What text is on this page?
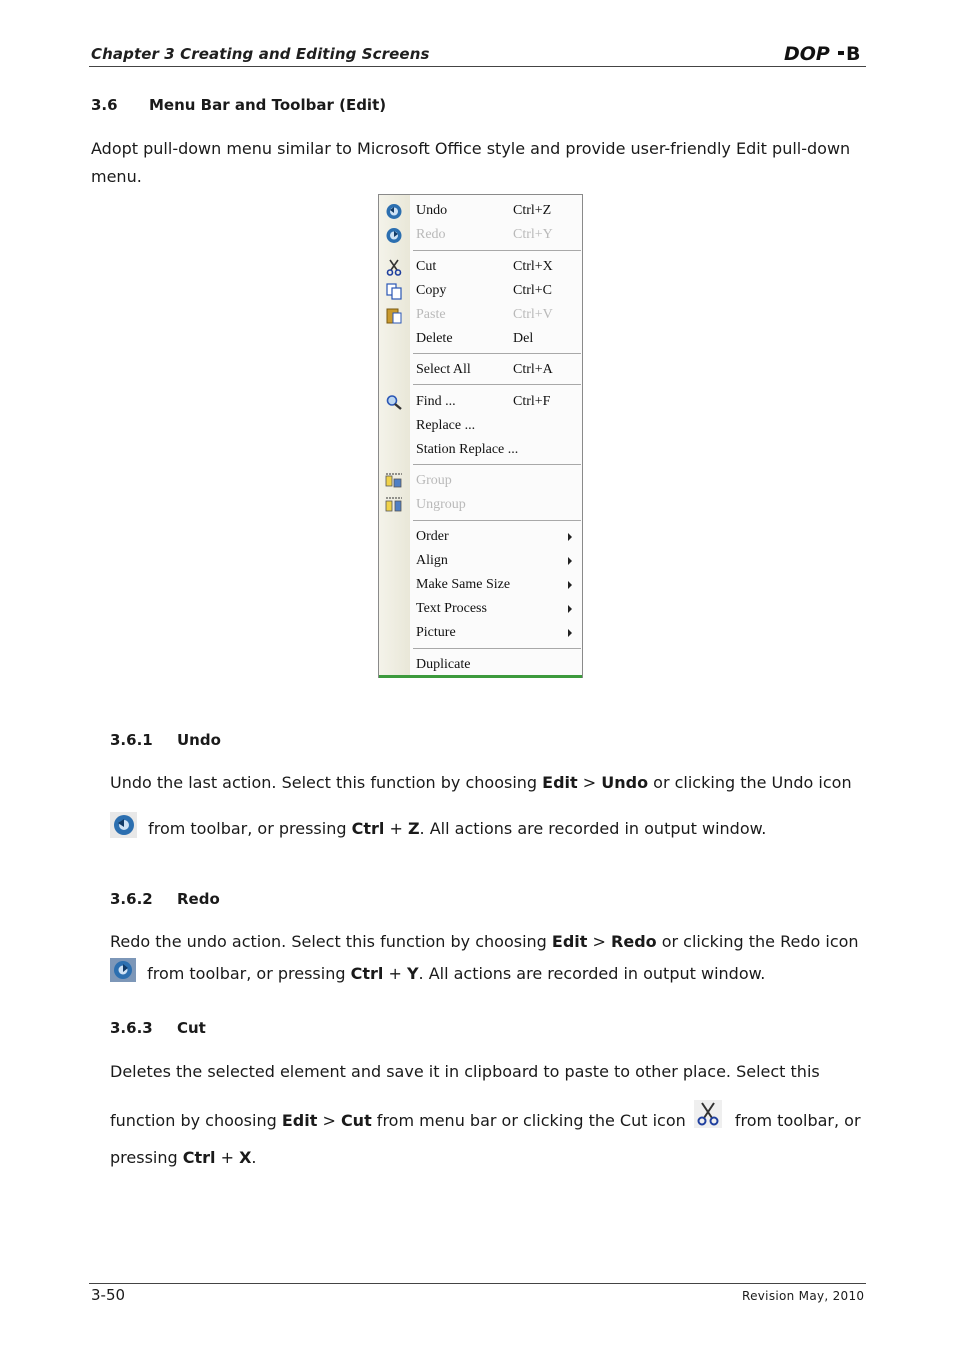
Chapter 3 Creating and Editing Screens	DOP B
3.6 Menu Bar and Toolbar (Edit)
Adopt pull-down menu similar to Microsoft Office style and provide user-friendly Edit pull-down menu.
Undo	Ctrl+Z
Redo	Ctrl+Y
Cut	Ctrl+X
Copy	Ctrl+C
Paste	Ctrl+V
Delete	Del
Select All	Ctrl+A
Find ...	Ctrl+F
Replace ...
Station Replace ...
Group
Ungroup
Order
Align
Make Same Size
Text Process
Picture
Duplicate
3.6.1 Undo
Undo the last action. Select this function by choosing Edit > Undo or clicking the Undo icon
from toolbar, or pressing Ctrl + Z. All actions are recorded in output window.
3.6.2 Redo
Redo the undo action. Select this function by choosing Edit > Redo or clicking the Redo icon
from toolbar, or pressing Ctrl + Y. All actions are recorded in output window.
3.6.3 Cut
Deletes the selected element and save it in clipboard to paste to other place. Select this
function by choosing Edit > Cut from menu bar or clicking the Cut icon	from toolbar, or
pressing Ctrl + X.
3-50	Revision May, 2010
